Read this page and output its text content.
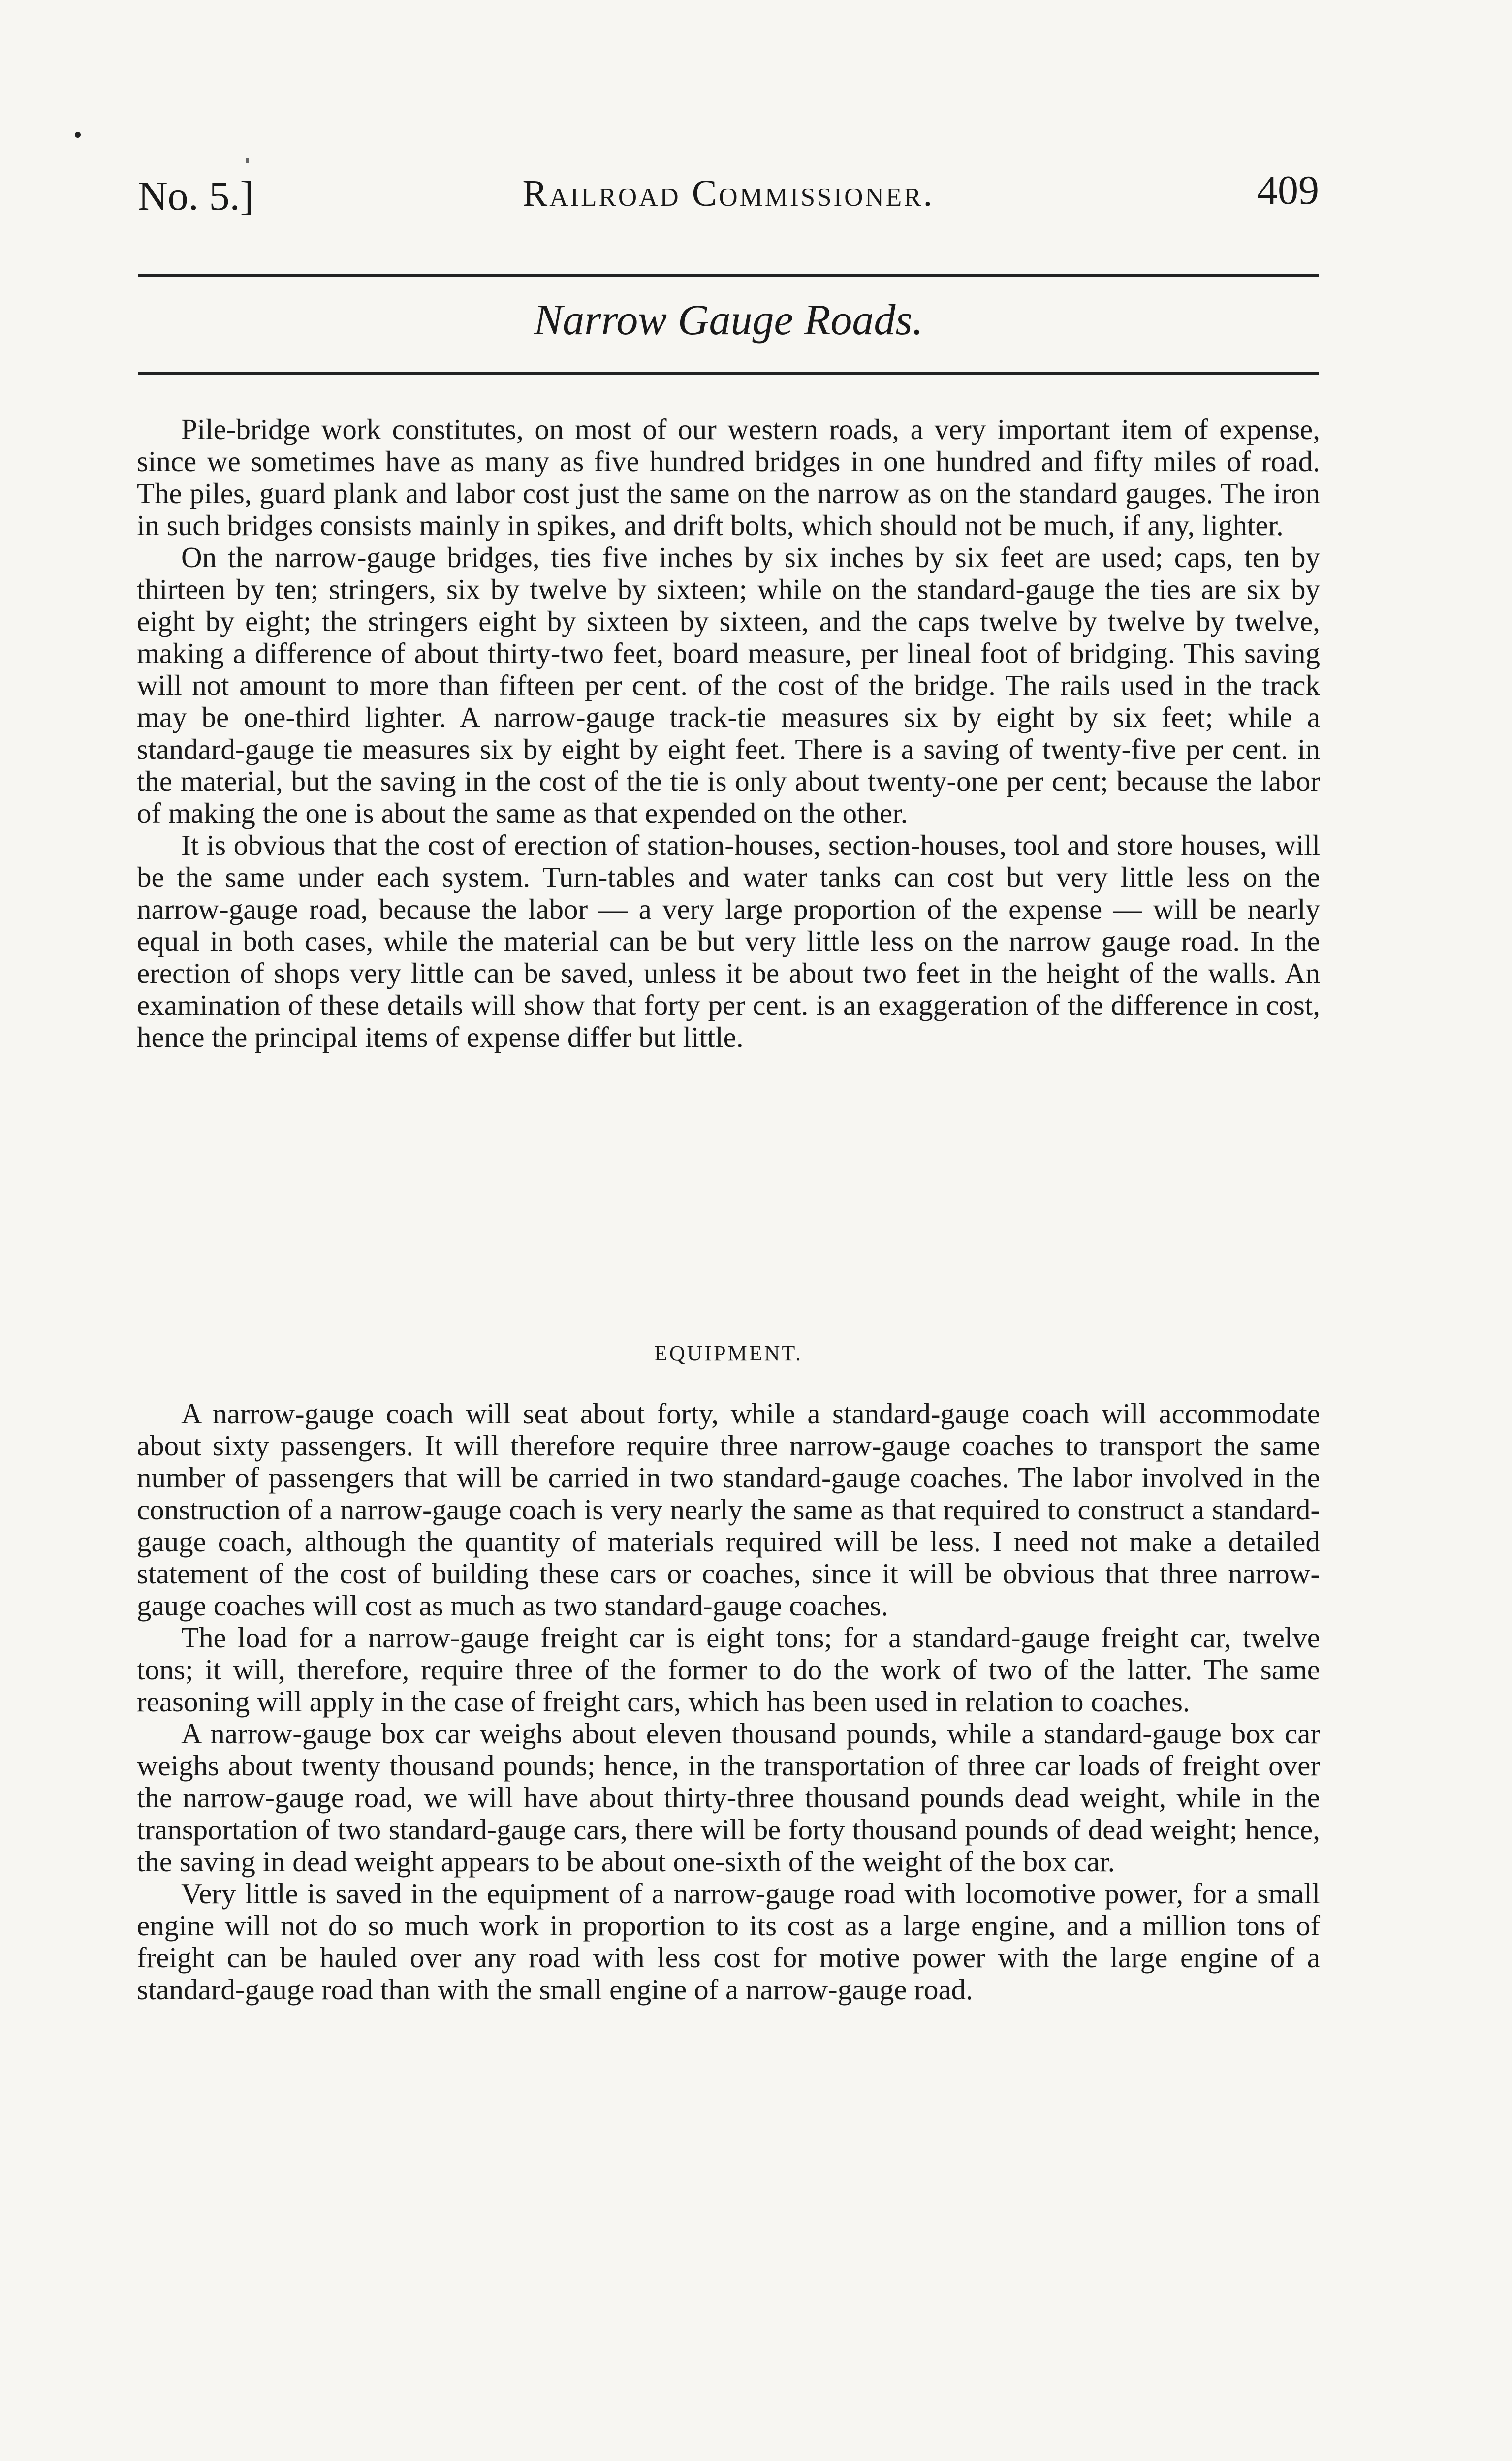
No. 5.]	Railroad Commissioner.	409
Narrow Gauge Roads.

Pile-bridge work constitutes, on most of our western roads, a very important item of expense, since we sometimes have as many as five hundred bridges in one hundred and fifty miles of road. The piles, guard plank and labor cost just the same on the narrow as on the standard gauges. The iron in such bridges consists mainly in spikes, and drift bolts, which should not be much, if any, lighter.

On the narrow-gauge bridges, ties five inches by six inches by six feet are used; caps, ten by thirteen by ten; stringers, six by twelve by sixteen; while on the standard-gauge the ties are six by eight by eight; the stringers eight by sixteen by sixteen, and the caps twelve by twelve by twelve, making a difference of about thirty-two feet, board measure, per lineal foot of bridging. This saving will not amount to more than fifteen per cent. of the cost of the bridge. The rails used in the track may be one-third lighter. A narrow-gauge track-tie measures six by eight by six feet; while a standard-gauge tie measures six by eight by eight feet. There is a saving of twenty-five per cent. in the material, but the saving in the cost of the tie is only about twenty-one per cent; because the labor of making the one is about the same as that expended on the other.

It is obvious that the cost of erection of station-houses, section-houses, tool and store houses, will be the same under each system. Turn-tables and water tanks can cost but very little less on the narrow-gauge road, because the labor — a very large proportion of the expense — will be nearly equal in both cases, while the material can be but very little less on the narrow gauge road. In the erection of shops very little can be saved, unless it be about two feet in the height of the walls. An examination of these details will show that forty per cent. is an exaggeration of the difference in cost, hence the principal items of expense differ but little.

EQUIPMENT.

A narrow-gauge coach will seat about forty, while a standard-gauge coach will accommodate about sixty passengers. It will therefore require three narrow-gauge coaches to transport the same number of passengers that will be carried in two standard-gauge coaches. The labor involved in the construction of a narrow-gauge coach is very nearly the same as that required to construct a standard-gauge coach, although the quantity of materials required will be less. I need not make a detailed statement of the cost of building these cars or coaches, since it will be obvious that three narrow-gauge coaches will cost as much as two standard-gauge coaches.

The load for a narrow-gauge freight car is eight tons; for a standard-gauge freight car, twelve tons; it will, therefore, require three of the former to do the work of two of the latter. The same reasoning will apply in the case of freight cars, which has been used in relation to coaches.

A narrow-gauge box car weighs about eleven thousand pounds, while a standard-gauge box car weighs about twenty thousand pounds; hence, in the transportation of three car loads of freight over the narrow-gauge road, we will have about thirty-three thousand pounds dead weight, while in the transportation of two standard-gauge cars, there will be forty thousand pounds of dead weight; hence, the saving in dead weight appears to be about one-sixth of the weight of the box car.

Very little is saved in the equipment of a narrow-gauge road with locomotive power, for a small engine will not do so much work in proportion to its cost as a large engine, and a million tons of freight can be hauled over any road with less cost for motive power with the large engine of a standard-gauge road than with the small engine of a narrow-gauge road.
